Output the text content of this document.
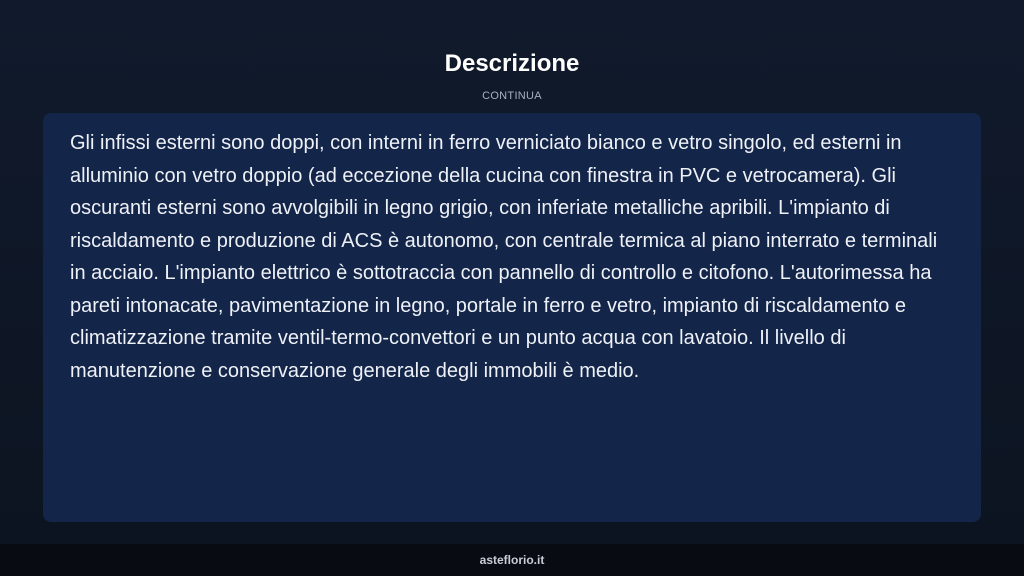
Descrizione
CONTINUA

Gli infissi esterni sono doppi, con interni in ferro verniciato bianco e vetro singolo, ed esterni in alluminio con vetro doppio (ad eccezione della cucina con finestra in PVC e vetrocamera). Gli oscuranti esterni sono avvolgibili in legno grigio, con inferiate metalliche apribili. L'impianto di riscaldamento e produzione di ACS è autonomo, con centrale termica al piano interrato e terminali in acciaio. L'impianto elettrico è sottotraccia con pannello di controllo e citofono. L'autorimessa ha pareti intonacate, pavimentazione in legno, portale in ferro e vetro, impianto di riscaldamento e climatizzazione tramite ventil-termo-convettori e un punto acqua con lavatoio. Il livello di manutenzione e conservazione generale degli immobili è medio.

asteflorio.it
